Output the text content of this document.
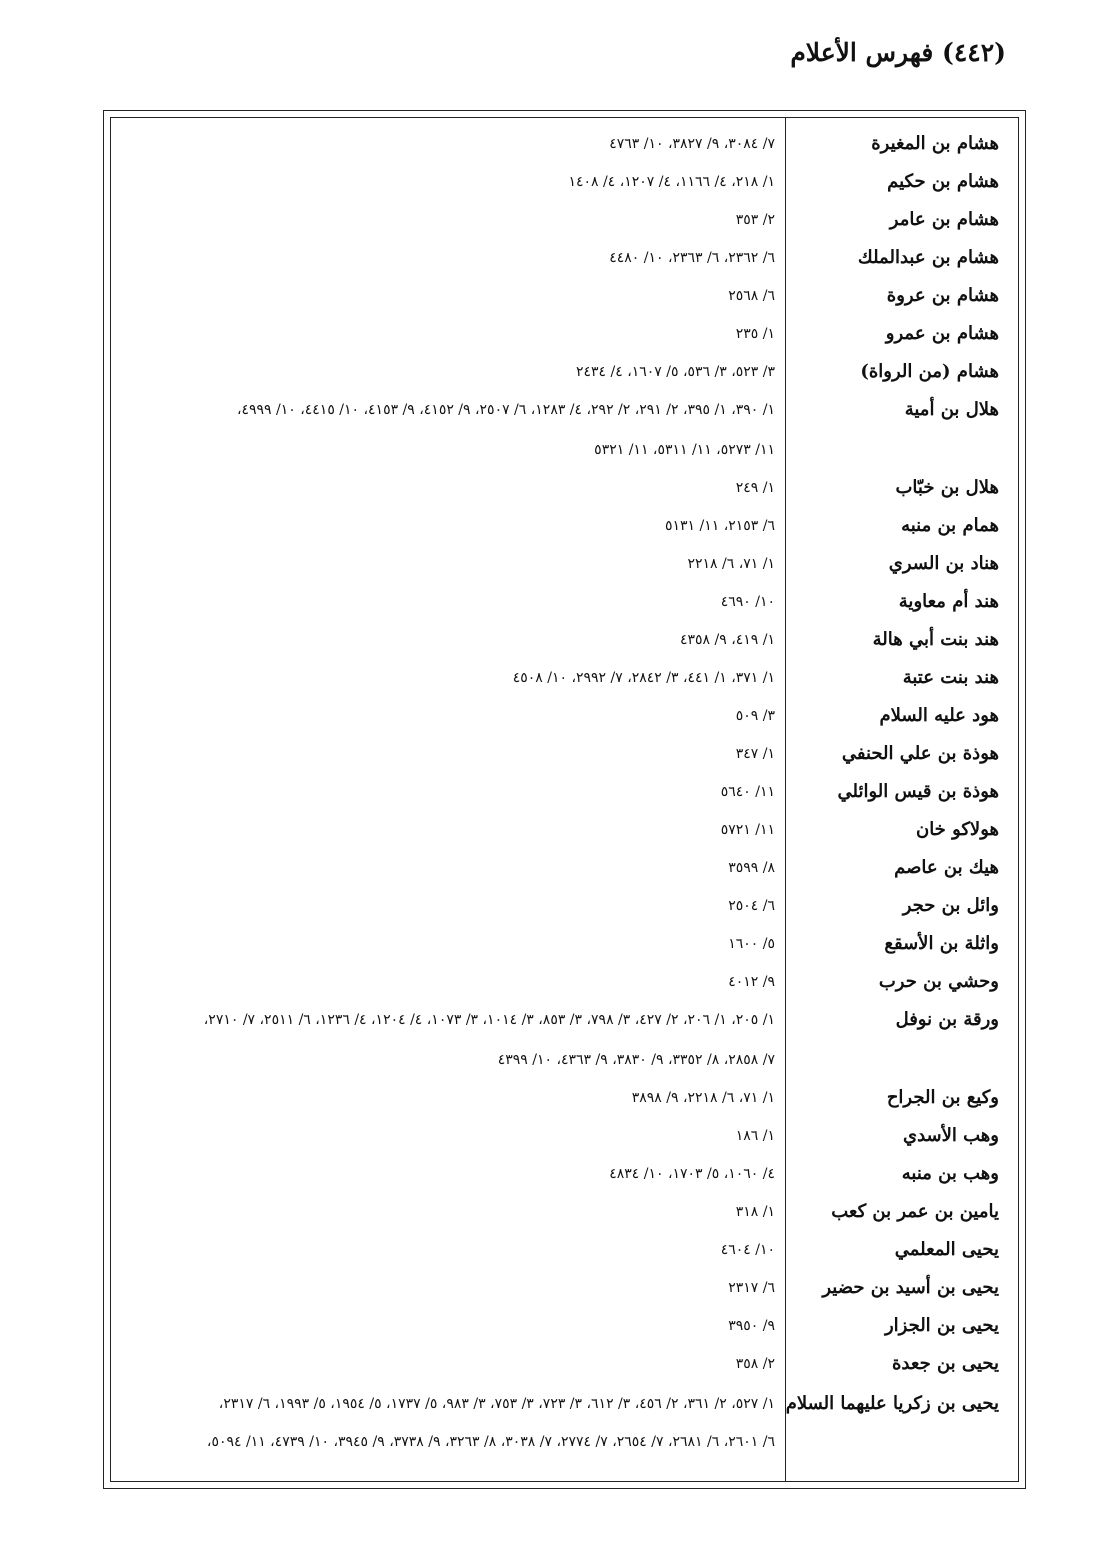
(٤٤٢) فهرس الأعلام
هشام بن المغيرة
٧/ ٣٠٨٤، ٩/ ٣٨٢٧، ١٠/ ٤٧٦٣
هشام بن حكيم
١/ ٢١٨، ٤/ ١١٦٦، ٤/ ١٢٠٧، ٤/ ١٤٠٨
هشام بن عامر
٢/ ٣٥٣
هشام بن عبدالملك
٦/ ٢٣٦٢، ٦/ ٢٣٦٣، ١٠/ ٤٤٨٠
هشام بن عروة
٦/ ٢٥٦٨
هشام بن عمرو
١/ ٢٣٥
هشام (من الرواة)
٣/ ٥٢٣، ٣/ ٥٣٦، ٥/ ١٦٠٧، ٤/ ٢٤٣٤
هلال بن أمية
١/ ٣٩٠، ١/ ٣٩٥، ٢/ ٢٩١، ٢/ ٢٩٢، ٤/ ١٢٨٣، ٦/ ٢٥٠٧، ٩/ ٤١٥٢، ٩/ ٤١٥٣، ١٠/ ٤٤١٥، ١٠/ ٤٩٩٩،
١١/ ٥٢٧٣، ١١/ ٥٣١١، ١١/ ٥٣٢١
هلال بن خبّاب
١/ ٢٤٩
همام بن منبه
٦/ ٢١٥٣، ١١/ ٥١٣١
هناد بن السري
١/ ٧١، ٦/ ٢٢١٨
هند أم معاوية
١٠/ ٤٦٩٠
هند بنت أبي هالة
١/ ٤١٩، ٩/ ٤٣٥٨
هند بنت عتبة
١/ ٣٧١، ١/ ٤٤١، ٣/ ٢٨٤٢، ٧/ ٢٩٩٢، ١٠/ ٤٥٠٨
هود عليه السلام
٣/ ٥٠٩
هوذة بن علي الحنفي
١/ ٣٤٧
هوذة بن قيس الوائلي
١١/ ٥٦٤٠
هولاكو خان
١١/ ٥٧٢١
هيك بن عاصم
٨/ ٣٥٩٩
وائل بن حجر
٦/ ٢٥٠٤
واثلة بن الأسقع
٥/ ١٦٠٠
وحشي بن حرب
٩/ ٤٠١٢
ورقة بن نوفل
١/ ٢٠٥، ١/ ٢٠٦، ٢/ ٤٢٧، ٣/ ٧٩٨، ٣/ ٨٥٣، ٣/ ١٠١٤، ٣/ ١٠٧٣، ٤/ ١٢٠٤، ٤/ ١٢٣٦، ٦/ ٢٥١١، ٧/ ٢٧١٠،
٧/ ٢٨٥٨، ٨/ ٣٣٥٢، ٩/ ٣٨٣٠، ٩/ ٤٣٦٣، ١٠/ ٤٣٩٩
وكيع بن الجراح
١/ ٧١، ٦/ ٢٢١٨، ٩/ ٣٨٩٨
وهب الأسدي
١/ ١٨٦
وهب بن منبه
٤/ ١٠٦٠، ٥/ ١٧٠٣، ١٠/ ٤٨٣٤
يامين بن عمر بن كعب
١/ ٣١٨
يحيى المعلمي
١٠/ ٤٦٠٤
يحيى بن أسيد بن حضير
٦/ ٢٣١٧
يحيى بن الجزار
٩/ ٣٩٥٠
يحيى بن جعدة
٢/ ٣٥٨
يحيى بن زكريا عليهما السلام
١/ ٥٢٧، ٢/ ٣٦١، ٢/ ٤٥٦، ٣/ ٦١٢، ٣/ ٧٢٣، ٣/ ٧٥٣، ٣/ ٩٨٣، ٥/ ١٧٣٧، ٥/ ١٩٥٤، ٥/ ١٩٩٣، ٦/ ٢٣١٧،
٦/ ٢٦٠١، ٦/ ٢٦٨١، ٧/ ٢٦٥٤، ٧/ ٢٧٧٤، ٧/ ٣٠٣٨، ٨/ ٣٢٦٣، ٩/ ٣٧٣٨، ٩/ ٣٩٤٥، ١٠/ ٤٧٣٩، ١١/ ٥٠٩٤،
